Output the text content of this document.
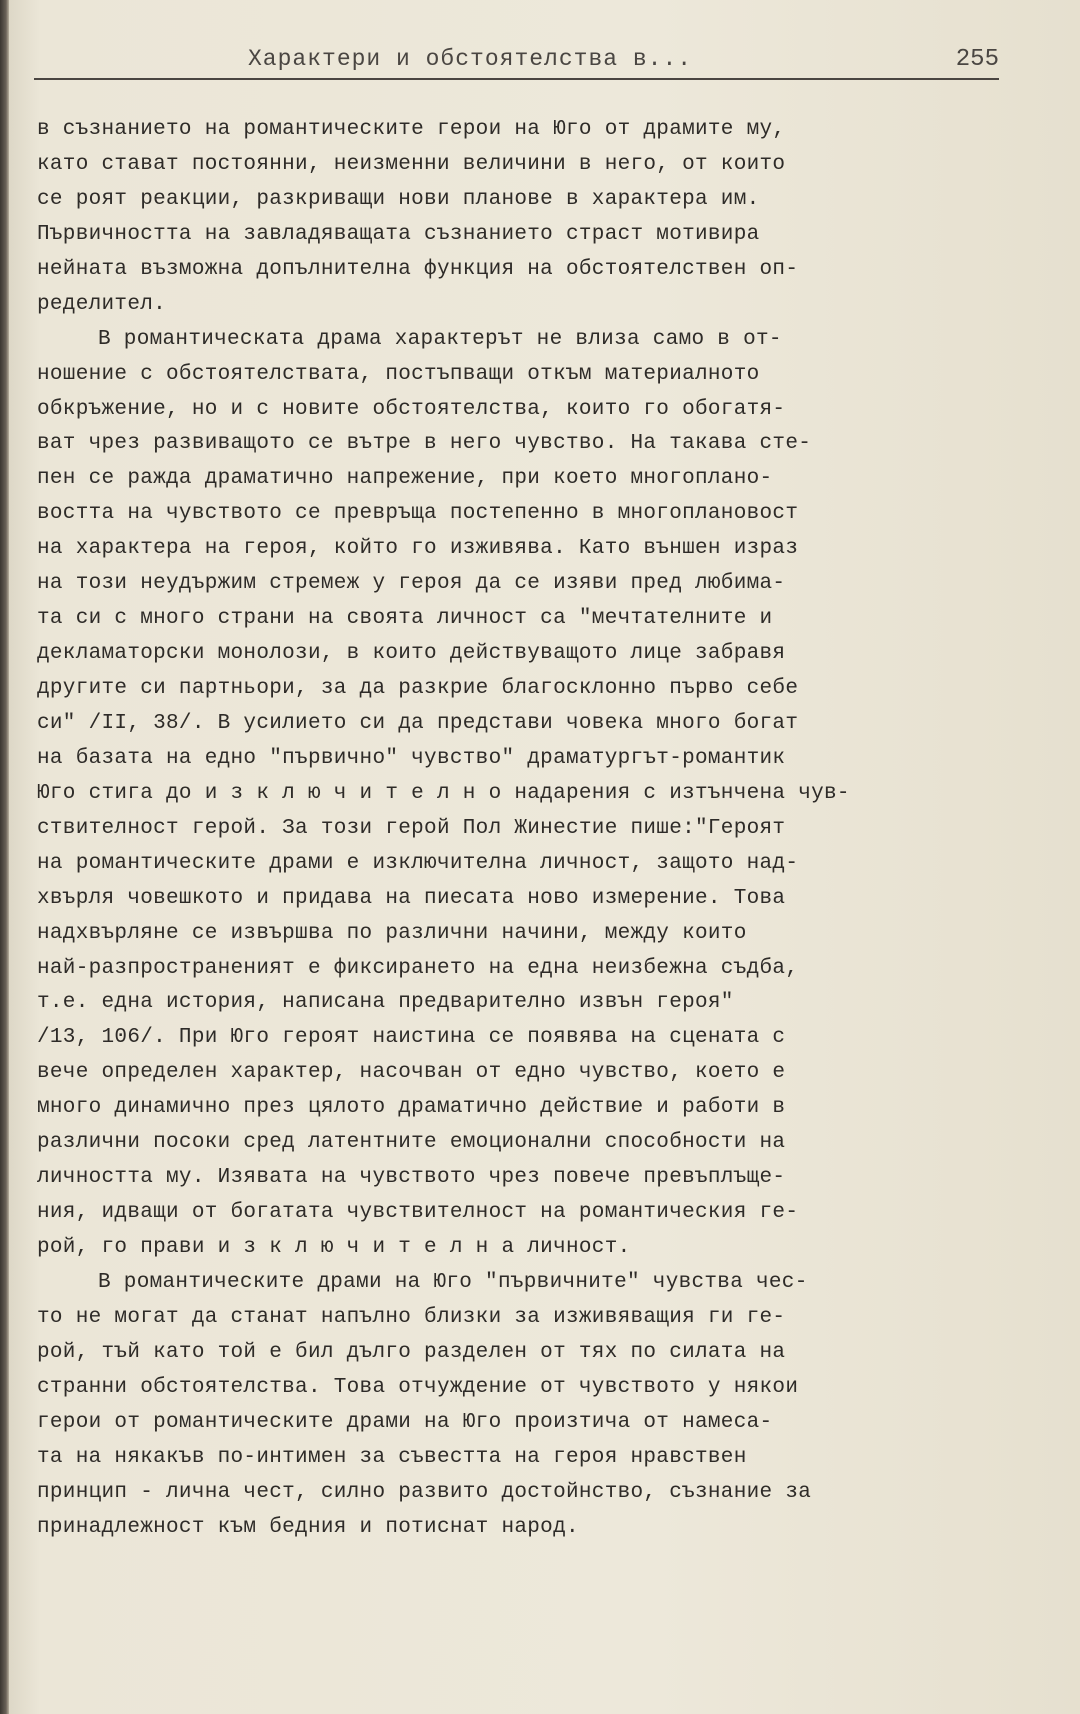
Характери и обстоятелства в...	255
в съзнанието на романтическите герои на Юго от драмите му,
като стават постоянни, неизменни величини в него, от които
се роят реакции, разкриващи нови планове в характера им.
Първичността на завладяващата съзнанието страст мотивира
нейната възможна допълнителна функция на обстоятелствен оп-
ределител.
В романтическата драма характерът не влиза само в от-
ношение с обстоятелствата, постъпващи откъм материалното
обкръжение, но и с новите обстоятелства, които го обогатя-
ват чрез развиващото се вътре в него чувство. На такава сте-
пен се ражда драматично напрежение, при което многоплано-
востта на чувството се превръща постепенно в многоплановост
на характера на героя, който го изживява. Като външен израз
на този неудържим стремеж у героя да се изяви пред любима-
та си с много страни на своята личност са "мечтателните и
декламаторски монолози, в които действуващото лице забравя
другите си партньори, за да разкрие благосклонно първо себе
си" /II, 38/. В усилието си да представи човека много богат
на базата на едно "първично" чувство" драматургът-романтик
Юго стига до и з к л ю ч и т е л н о надарения с изтънчена чув-
ствителност герой. За този герой Пол Жинестие пише:"Героят
на романтическите драми е изключителна личност, защото над-
хвърля човешкото и придава на пиесата ново измерение. Това
надхвърляне се извършва по различни начини, между които
най-разпространеният е фиксирането на една неизбежна съдба,
т.е. една история, написана предварително извън героя"
/13, 106/. При Юго героят наистина се появява на сцената с
вече определен характер, насочван от едно чувство, което е
много динамично през цялото драматично действие и работи в
различни посоки сред латентните емоционални способности на
личността му. Изявата на чувството чрез повече превъплъще-
ния, идващи от богатата чувствителност на романтическия ге-
рой, го прави и з к л ю ч и т е л н а личност.
В романтическите драми на Юго "първичните" чувства чес-
то не могат да станат напълно близки за изживяващия ги ге-
рой, тъй като той е бил дълго разделен от тях по силата на
странни обстоятелства. Това отчуждение от чувството у някои
герои от романтическите драми на Юго произтича от намеса-
та на някакъв по-интимен за съвестта на героя нравствен
принцип - лична чест, силно развито достойнство, съзнание за
принадлежност към бедния и потиснат народ.
